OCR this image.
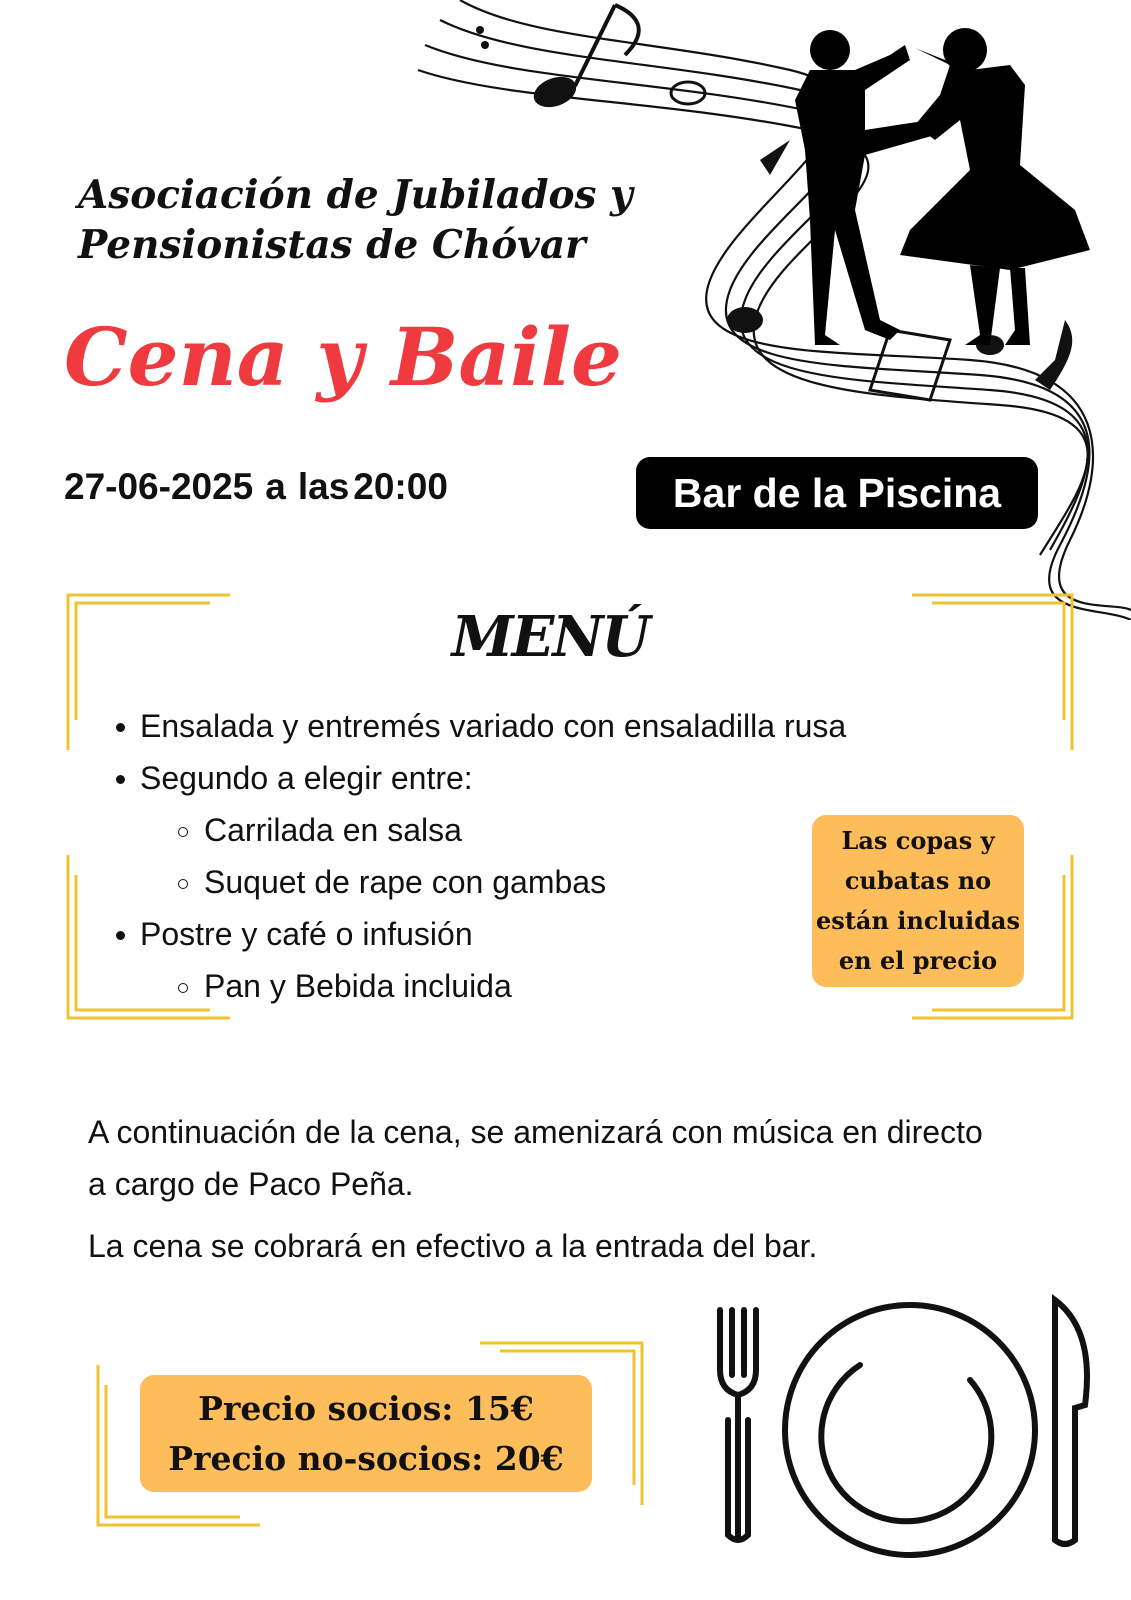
Asociación de Jubilados y Pensionistas de Chóvar
Cena y Baile
27-06-2025 a las 20:00	Bar de la Piscina
MENÚ
Ensalada y entremés variado con ensaladilla rusa
Segundo a elegir entre:
Carrilada en salsa
Suquet de rape con gambas
Postre y café o infusión
Pan y Bebida incluida
Las copas y cubatas no están incluidas en el precio
A continuación de la cena, se amenizará con música en directo a cargo de Paco Peña.
La cena se cobrará en efectivo a la entrada del bar.
Precio socios: 15€
Precio no-socios: 20€
